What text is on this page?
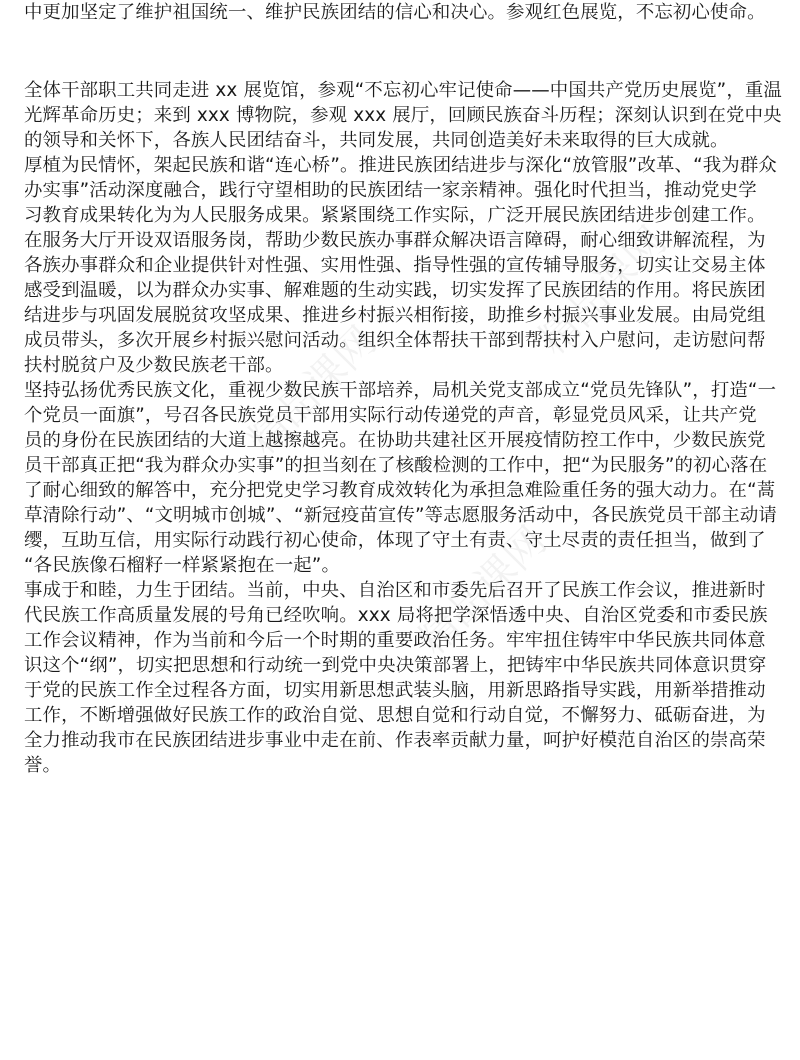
中更加坚定了维护祖国统一、维护民族团结的信心和决心。参观红色展览，不忘初心使命。
全体干部职工共同走进 xx 展览馆，参观“不忘初心牢记使命——中国共产党历史展览”，重温
光辉革命历史；来到 xxx 博物院，参观 xxx 展厅，回顾民族奋斗历程；深刻认识到在党中央
的领导和关怀下，各族人民团结奋斗，共同发展，共同创造美好未来取得的巨大成就。
厚植为民情怀，架起民族和谐“连心桥”。推进民族团结进步与深化“放管服”改革、“我为群众
办实事”活动深度融合，践行守望相助的民族团结一家亲精神。强化时代担当，推动党史学
习教育成果转化为为人民服务成果。紧紧围绕工作实际，广泛开展民族团结进步创建工作。
在服务大厅开设双语服务岗，帮助少数民族办事群众解决语言障碍，耐心细致讲解流程，为
各族办事群众和企业提供针对性强、实用性强、指导性强的宣传辅导服务，切实让交易主体
感受到温暖，以为群众办实事、解难题的生动实践，切实发挥了民族团结的作用。将民族团
结进步与巩固发展脱贫攻坚成果、推进乡村振兴相衔接，助推乡村振兴事业发展。由局党组
成员带头，多次开展乡村振兴慰问活动。组织全体帮扶干部到帮扶村入户慰问，走访慰问帮
扶村脱贫户及少数民族老干部。
坚持弘扬优秀民族文化，重视少数民族干部培养，局机关党支部成立“党员先锋队”，打造“一
个党员一面旗”，号召各民族党员干部用实际行动传递党的声音，彰显党员风采，让共产党
员的身份在民族团结的大道上越擦越亮。在协助共建社区开展疫情防控工作中，少数民族党
员干部真正把“我为群众办实事”的担当刻在了核酸检测的工作中，把“为民服务”的初心落在
了耐心细致的解答中，充分把党史学习教育成效转化为承担急难险重任务的强大动力。在“蒿
草清除行动”、“文明城市创城”、“新冠疫苗宣传”等志愿服务活动中，各民族党员干部主动请
缨，互助互信，用实际行动践行初心使命，体现了守土有责、守土尽责的责任担当，做到了
“各民族像石榴籽一样紧紧抱在一起”。
事成于和睦，力生于团结。当前，中央、自治区和市委先后召开了民族工作会议，推进新时
代民族工作高质量发展的号角已经吹响。xxx 局将把学深悟透中央、自治区党委和市委民族
工作会议精神，作为当前和今后一个时期的重要政治任务。牢牢扭住铸牢中华民族共同体意
识这个“纲”，切实把思想和行动统一到党中央决策部署上，把铸牢中华民族共同体意识贯穿
于党的民族工作全过程各方面，切实用新思想武装头脑，用新思路指导实践，用新举措推动
工作，不断增强做好民族工作的政治自觉、思想自觉和行动自觉，不懈努力、砥砺奋进，为
全力推动我市在民族团结进步事业中走在前、作表率贡献力量，呵护好模范自治区的崇高荣
誉。
精品课网
精品课网
精品课网
